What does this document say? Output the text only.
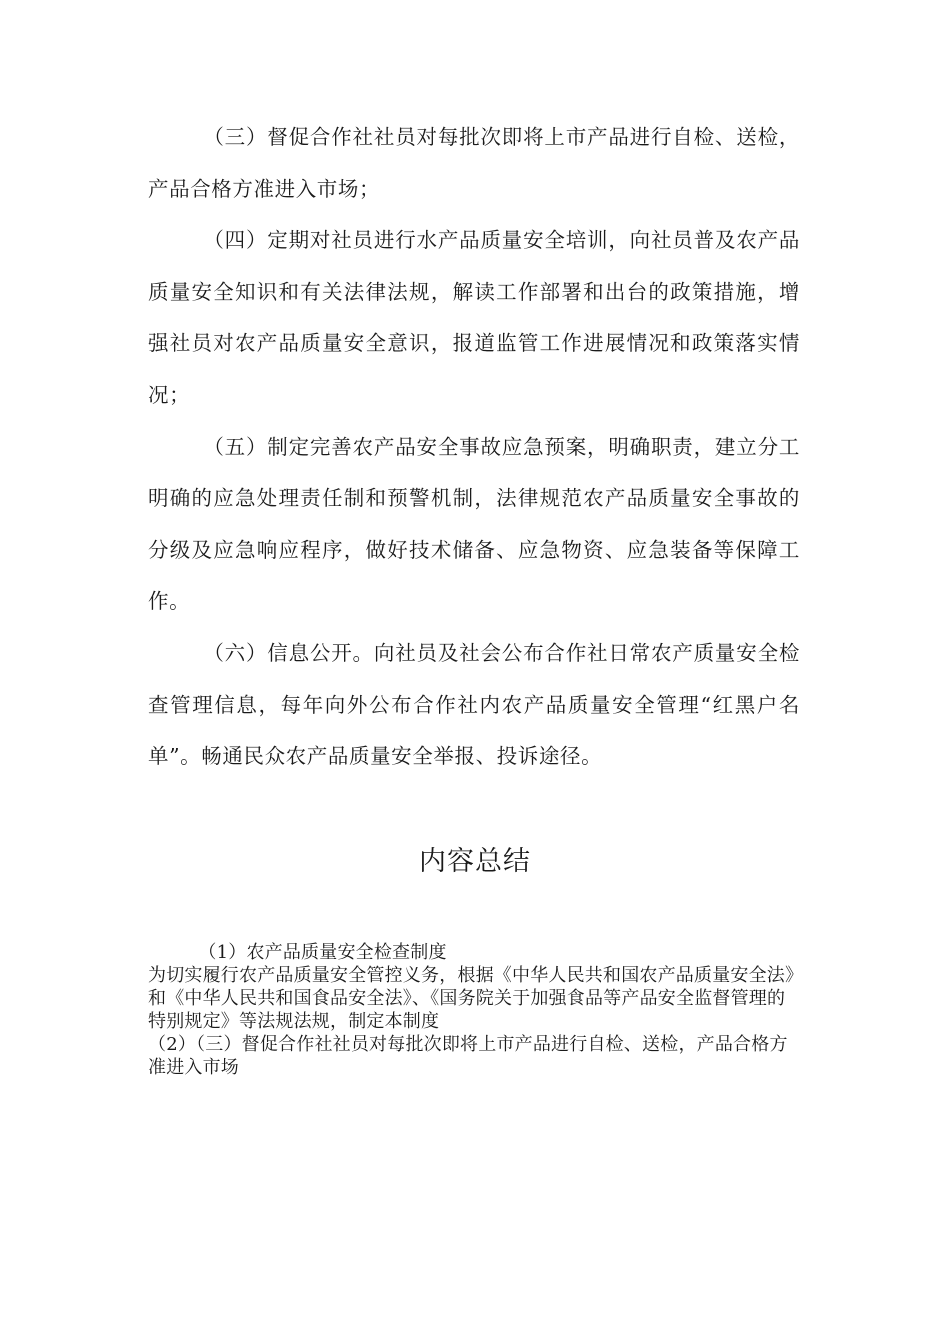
（三）督促合作社社员对每批次即将上市产品进行自检、送检，产品合格方准进入市场；

（四）定期对社员进行水产品质量安全培训，向社员普及农产品质量安全知识和有关法律法规，解读工作部署和出台的政策措施，增强社员对农产品质量安全意识，报道监管工作进展情况和政策落实情况；

（五）制定完善农产品安全事故应急预案，明确职责，建立分工明确的应急处理责任制和预警机制，法律规范农产品质量安全事故的分级及应急响应程序，做好技术储备、应急物资、应急装备等保障工作。

（六）信息公开。向社员及社会公布合作社日常农产质量安全检查管理信息，每年向外公布合作社内农产品质量安全管理“红黑户名单”。畅通民众农产品质量安全举报、投诉途径。

内容总结

（1）农产品质量安全检查制度

为切实履行农产品质量安全管控义务，根据《中华人民共和国农产品质量安全法》和《中华人民共和国食品安全法》、《国务院关于加强食品等产品安全监督管理的特别规定》等法规法规，制定本制度

（2）（三）督促合作社社员对每批次即将上市产品进行自检、送检，产品合格方准进入市场
